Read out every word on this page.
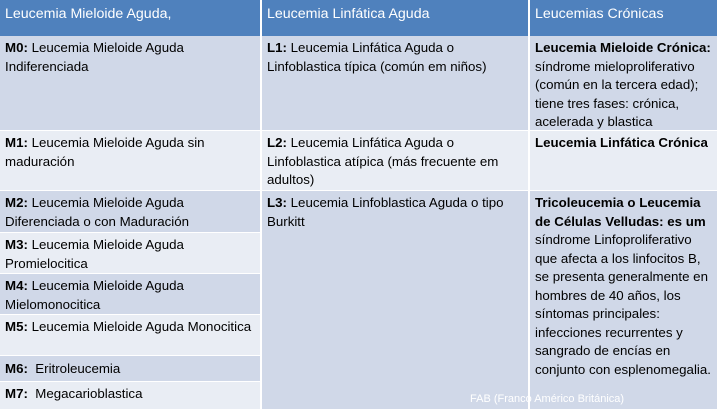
Leucemia Mieloide Aguda,	Leucemia Linfática Aguda	Leucemias Crónicas
M0: Leucemia Mieloide Aguda Indiferenciada
M1: Leucemia Mieloide Aguda sin maduración
M2: Leucemia Mieloide Aguda Diferenciada o con Maduración
M3: Leucemia Mieloide Aguda Promielocitica
M4: Leucemia Mieloide Aguda Mielomonocitica
M5: Leucemia Mieloide Aguda Monocitica
M6:  Eritroleucemia
M7:  Megacarioblastica
L1: Leucemia Linfática Aguda o Linfoblastica típica (común em niños)
L2: Leucemia Linfática Aguda o Linfoblastica atípica (más frecuente em adultos)
L3: Leucemia Linfoblastica Aguda o tipo Burkitt
Leucemia Mieloide Crónica: síndrome mieloproliferativo (común en la tercera edad); tiene tres fases: crónica, acelerada y blastica
Leucemia Linfática Crónica
Tricoleucemia o Leucemia de Células Velludas: es um síndrome Linfoproliferativo que afecta a los linfocitos B, se presenta generalmente en hombres de 40 años, los síntomas principales: infecciones recurrentes y sangrado de encías en conjunto con esplenomegalia.
FAB (Franco Américo Británica)
